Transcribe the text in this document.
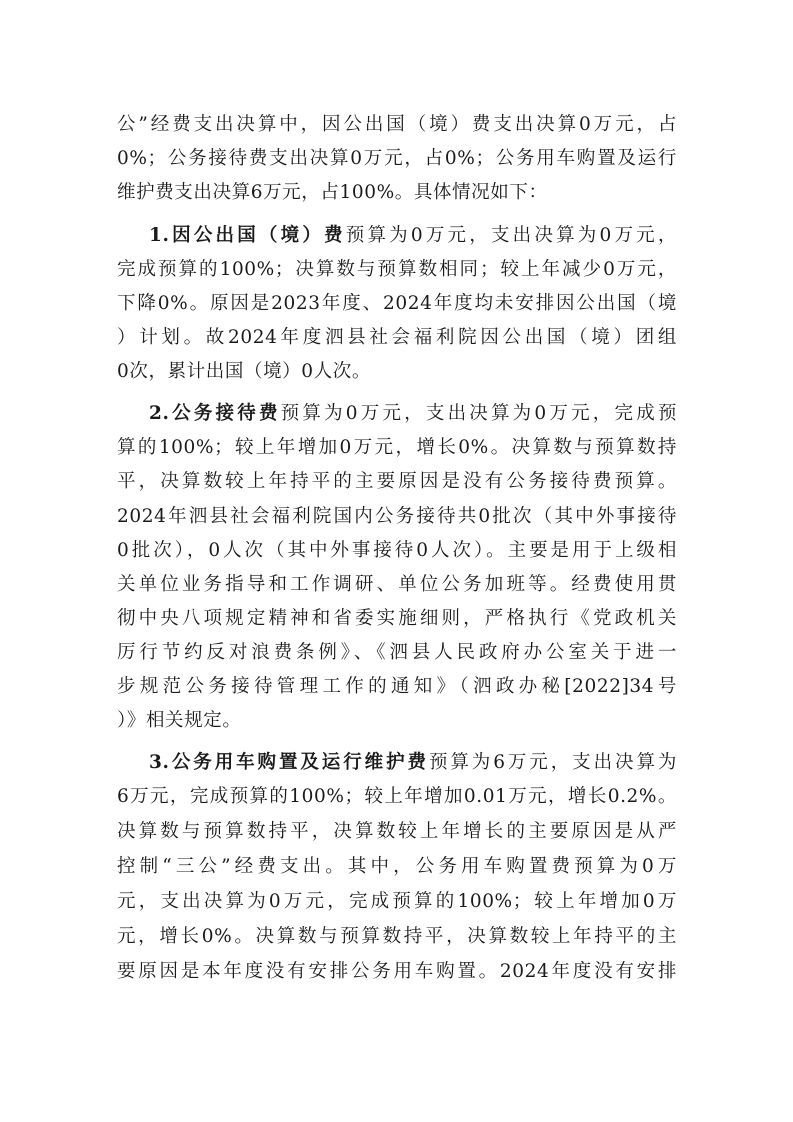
公”经费支出决算中，因公出国（境）费支出决算0万元，占
0%；公务接待费支出决算0万元，占0%；公务用车购置及运行
维护费支出决算6万元，占100%。具体情况如下：
1.因公出国（境）费预算为0万元，支出决算为0万元，
完成预算的100%；决算数与预算数相同；较上年减少0万元，
下降0%。原因是2023年度、2024年度均未安排因公出国（境
）计划。故2024年度泗县社会福利院因公出国（境）团组
0次，累计出国（境）0人次。
2.公务接待费预算为0万元，支出决算为0万元，完成预
算的100%；较上年增加0万元，增长0%。决算数与预算数持
平，决算数较上年持平的主要原因是没有公务接待费预算。
2024年泗县社会福利院国内公务接待共0批次（其中外事接待
0批次），0人次（其中外事接待0人次）。主要是用于上级相
关单位业务指导和工作调研、单位公务加班等。经费使用贯
彻中央八项规定精神和省委实施细则，严格执行《党政机关
厉行节约反对浪费条例》、《泗县人民政府办公室关于进一
步规范公务接待管理工作的通知》（泗政办秘[2022]34号
）》相关规定。
3.公务用车购置及运行维护费预算为6万元，支出决算为
6万元，完成预算的100%；较上年增加0.01万元，增长0.2%。
决算数与预算数持平，决算数较上年增长的主要原因是从严
控制“三公”经费支出。其中，公务用车购置费预算为0万
元，支出决算为0万元，完成预算的100%；较上年增加0万
元，增长0%。决算数与预算数持平，决算数较上年持平的主
要原因是本年度没有安排公务用车购置。2024年度没有安排
